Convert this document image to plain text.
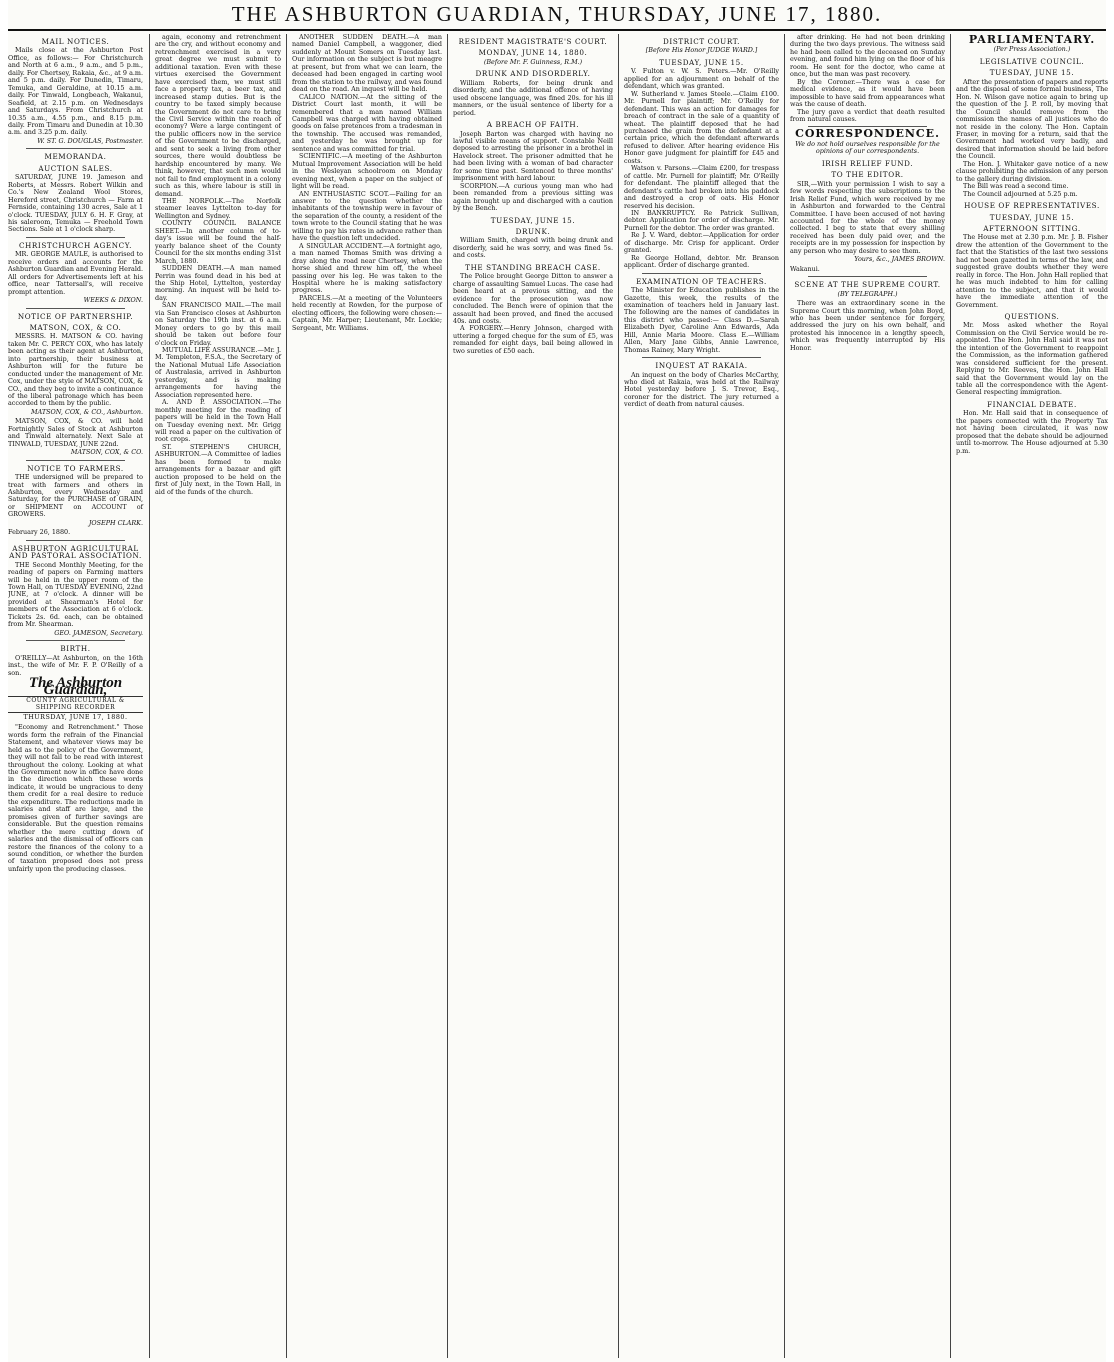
THE ASHBURTON GUARDIAN, THURSDAY, JUNE 17, 1880.
MAIL NOTICES.
Mails close at the Ashburton Post Office, as follows:— For Christchurch and North at 6 a.m., 9 a.m., and 5 p.m., daily. For Chertsey, Rakaia, &c., at 9 a.m. and 5 p.m. daily. For Dunedin, Timaru, Temuka, and Geraldine, at 10.15 a.m. daily. For Tinwald, Longbeach, Wakanui, Seafield, at 2.15 p.m. on Wednesdays and Saturdays. From Christchurch at 10.35 a.m., 4.55 p.m., and 8.15 p.m. daily. From Timaru and Dunedin at 10.30 a.m. and 3.25 p.m. daily.
W. ST. G. DOUGLAS, Postmaster.
MEMORANDA.
AUCTION SALES.
SATURDAY, JUNE 19. Jameson and Roberts, at Messrs. Robert Wilkin and Co.'s New Zealand Wool Stores, Hereford street, Christchurch — Farm at Fernside, containing 130 acres, Sale at 1 o'clock. TUESDAY, JULY 6. H. F. Gray, at his saleroom, Temuka — Freehold Town Sections. Sale at 1 o'clock sharp.
CHRISTCHURCH AGENCY.
MR. GEORGE MAULE, is authorised to receive orders and accounts for the Ashburton Guardian and Evening Herald. All orders for Advertisements left at his office, near Tattersall's, will receive prompt attention.
WEEKS & DIXON.
NOTICE OF PARTNERSHIP.
MATSON, COX, & CO.
MESSRS. H. MATSON & CO. having taken Mr. C. PERCY COX, who has lately been acting as their agent at Ashburton, into partnership, their business at Ashburton will for the future be conducted under the management of Mr. Cox, under the style of MATSON, COX, & CO., and they beg to invite a continuance of the liberal patronage which has been accorded to them by the public.
MATSON, COX, & CO., Ashburton.
MATSON, COX, & CO. will hold Fortnightly Sales of Stock at Ashburton and Tinwald alternately. Next Sale at TINWALD, TUESDAY, JUNE 22nd.
MATSON, COX, & CO.
NOTICE TO FARMERS.
THE undersigned will be prepared to treat with farmers and others in Ashburton, every Wednesday and Saturday, for the PURCHASE of GRAIN, or SHIPMENT on ACCOUNT of GROWERS.
JOSEPH CLARK.
February 26, 1880.
ASHBURTON AGRICULTURAL AND PASTORAL ASSOCIATION.
THE Second Monthly Meeting, for the reading of papers on Farming matters will be held in the upper room of the Town Hall, on TUESDAY EVENING, 22nd JUNE, at 7 o'clock. A dinner will be provided at Shearman's Hotel for members of the Association at 6 o'clock. Tickets 2s. 6d. each, can be obtained from Mr. Shearman.
GEO. JAMESON, Secretary.
BIRTH.
O'REILLY—At Ashburton, on the 16th inst., the wife of Mr. F. P. O'Reilly of a son.
The Ashburton Guardian,
COUNTY AGRICULTURAL & SHIPPING RECORDER
THURSDAY, JUNE 17, 1880.
"Economy and Retrenchment." Those words form the refrain of the Financial Statement, and whatever views may be held as to the policy of the Government, they will not fail to be read with interest throughout the colony. Looking at what the Government now in office have done in the direction which these words indicate, it would be ungracious to deny them credit for a real desire to reduce the expenditure. The reductions made in salaries and staff are large, and the promises given of further savings are considerable. But the question remains whether the mere cutting down of salaries and the dismissal of officers can restore the finances of the colony to a sound condition, or whether the burden of taxation proposed does not press unfairly upon the producing classes.
again, economy and retrenchment are the cry, and without economy and retrenchment exercised in a very great degree we must submit to additional taxation. Even with these virtues exercised the Government have exercised them, we must still face a property tax, a beer tax, and increased stamp duties. But is the country to be taxed simply because the Government do not care to bring the Civil Service within the reach of economy? Were a large contingent of the public officers now in the service of the Government to be discharged, and sent to seek a living from other sources, there would doubtless be hardship encountered by many. We think, however, that such men would not fail to find employment in a colony such as this, where labour is still in demand.
THE NORFOLK.—The Norfolk steamer leaves Lyttelton to-day for Wellington and Sydney.
COUNTY COUNCIL BALANCE SHEET.—In another column of to-day's issue will be found the half-yearly balance sheet of the County Council for the six months ending 31st March, 1880.
SUDDEN DEATH.—A man named Perrin was found dead in his bed at the Ship Hotel, Lyttelton, yesterday morning. An inquest will be held to-day.
SAN FRANCISCO MAIL.—The mail via San Francisco closes at Ashburton on Saturday the 19th inst. at 6 a.m. Money orders to go by this mail should be taken out before four o'clock on Friday.
MUTUAL LIFE ASSURANCE.—Mr. J. M. Templeton, F.S.A., the Secretary of the National Mutual Life Association of Australasia, arrived in Ashburton yesterday, and is making arrangements for having the Association represented here.
A. AND P. ASSOCIATION.—The monthly meeting for the reading of papers will be held in the Town Hall on Tuesday evening next. Mr. Grigg will read a paper on the cultivation of root crops.
ST. STEPHEN'S CHURCH, ASHBURTON.—A Committee of ladies has been formed to make arrangements for a bazaar and gift auction proposed to be held on the first of July next, in the Town Hall, in aid of the funds of the church.
ANOTHER SUDDEN DEATH.—A man named Daniel Campbell, a waggoner, died suddenly at Mount Somers on Tuesday last. Our information on the subject is but meagre at present, but from what we can learn, the deceased had been engaged in carting wool from the station to the railway, and was found dead on the road. An inquest will be held.
CALICO NATION.—At the sitting of the District Court last month, it will be remembered that a man named William Campbell was charged with having obtained goods on false pretences from a tradesman in the township. The accused was remanded, and yesterday he was brought up for sentence and was committed for trial.
SCIENTIFIC.—A meeting of the Ashburton Mutual Improvement Association will be held in the Wesleyan schoolroom on Monday evening next, when a paper on the subject of light will be read.
AN ENTHUSIASTIC SCOT.—Failing for an answer to the question whether the inhabitants of the township were in favour of the separation of the county, a resident of the town wrote to the Council stating that he was willing to pay his rates in advance rather than have the question left undecided.
A SINGULAR ACCIDENT.—A fortnight ago, a man named Thomas Smith was driving a dray along the road near Chertsey, when the horse shied and threw him off, the wheel passing over his leg. He was taken to the Hospital where he is making satisfactory progress.
PARCELS.—At a meeting of the Volunteers held recently at Rowden, for the purpose of electing officers, the following were chosen:— Captain, Mr. Harper; Lieutenant, Mr. Lockie; Sergeant, Mr. Williams.
RESIDENT MAGISTRATE'S COURT.
MONDAY, JUNE 14, 1880.
(Before Mr. F. Guinness, R.M.)
DRUNK AND DISORDERLY.
William Roberts, for being drunk and disorderly, and the additional offence of having used obscene language, was fined 20s. for his ill manners, or the usual sentence of liberty for a period.
A BREACH OF FAITH.
Joseph Barton was charged with having no lawful visible means of support. Constable Neill deposed to arresting the prisoner in a brothel in Havelock street. The prisoner admitted that he had been living with a woman of bad character for some time past. Sentenced to three months' imprisonment with hard labour.
SCORPION.—A curious young man who had been remanded from a previous sitting was again brought up and discharged with a caution by the Bench.
TUESDAY, JUNE 15.
DRUNK.
William Smith, charged with being drunk and disorderly, said he was sorry, and was fined 5s. and costs.
THE STANDING BREACH CASE.
The Police brought George Ditton to answer a charge of assaulting Samuel Lucas. The case had been heard at a previous sitting, and the evidence for the prosecution was now concluded. The Bench were of opinion that the assault had been proved, and fined the accused 40s. and costs.
A FORGERY.—Henry Johnson, charged with uttering a forged cheque for the sum of £5, was remanded for eight days, bail being allowed in two sureties of £50 each.
DISTRICT COURT.
[Before His Honor JUDGE WARD.]
TUESDAY, JUNE 15.
V. Fulton v. W. S. Peters.—Mr. O'Reilly applied for an adjournment on behalf of the defendant, which was granted.
W. Sutherland v. James Steele.—Claim £100. Mr. Purnell for plaintiff; Mr. O'Reilly for defendant. This was an action for damages for breach of contract in the sale of a quantity of wheat. The plaintiff deposed that he had purchased the grain from the defendant at a certain price, which the defendant afterwards refused to deliver. After hearing evidence His Honor gave judgment for plaintiff for £45 and costs.
Watson v. Parsons.—Claim £200, for trespass of cattle. Mr. Purnell for plaintiff; Mr. O'Reilly for defendant. The plaintiff alleged that the defendant's cattle had broken into his paddock and destroyed a crop of oats. His Honor reserved his decision.
IN BANKRUPTCY. Re Patrick Sullivan, debtor. Application for order of discharge. Mr. Purnell for the debtor. The order was granted.
Re J. V. Ward, debtor.—Application for order of discharge. Mr. Crisp for applicant. Order granted.
Re George Holland, debtor. Mr. Branson applicant. Order of discharge granted.
EXAMINATION OF TEACHERS.
The Minister for Education publishes in the Gazette, this week, the results of the examination of teachers held in January last. The following are the names of candidates in this district who passed:— Class D.—Sarah Elizabeth Dyer, Caroline Ann Edwards, Ada Hill, Annie Maria Moore. Class E.—William Allen, Mary Jane Gibbs, Annie Lawrence, Thomas Rainey, Mary Wright.
INQUEST AT RAKAIA.
An inquest on the body of Charles McCarthy, who died at Rakaia, was held at the Railway Hotel yesterday before J. S. Trevor, Esq., coroner for the district. The jury returned a verdict of death from natural causes.
after drinking. He had not been drinking during the two days previous. The witness said he had been called to the deceased on Sunday evening, and found him lying on the floor of his room. He sent for the doctor, who came at once, but the man was past recovery.
By the Coroner.—There was a case for medical evidence, as it would have been impossible to have said from appearances what was the cause of death.
The jury gave a verdict that death resulted from natural causes.
CORRESPONDENCE.
We do not hold ourselves responsible for the opinions of our correspondents.
IRISH RELIEF FUND.
TO THE EDITOR.
SIR,—With your permission I wish to say a few words respecting the subscriptions to the Irish Relief Fund, which were received by me in Ashburton and forwarded to the Central Committee. I have been accused of not having accounted for the whole of the money collected. I beg to state that every shilling received has been duly paid over, and the receipts are in my possession for inspection by any person who may desire to see them.
Yours, &c., JAMES BROWN.
Wakanui.
SCENE AT THE SUPREME COURT.
(BY TELEGRAPH.)
There was an extraordinary scene in the Supreme Court this morning, when John Boyd, who has been under sentence for forgery, addressed the jury on his own behalf, and protested his innocence in a lengthy speech, which was frequently interrupted by His Honor.
PARLIAMENTARY.
(Per Press Association.)
LEGISLATIVE COUNCIL.
TUESDAY, JUNE 15.
After the presentation of papers and reports and the disposal of some formal business, The Hon. N. Wilson gave notice again to bring up the question of the J. P. roll, by moving that the Council should remove from the commission the names of all justices who do not reside in the colony. The Hon. Captain Fraser, in moving for a return, said that the Government had worked very badly, and desired that information should be laid before the Council.
The Hon. J. Whitaker gave notice of a new clause prohibiting the admission of any person to the gallery during division.
The Bill was read a second time.
The Council adjourned at 5.25 p.m.
HOUSE OF REPRESENTATIVES.
TUESDAY, JUNE 15.
AFTERNOON SITTING.
The House met at 2.30 p.m. Mr. J. B. Fisher drew the attention of the Government to the fact that the Statistics of the last two sessions had not been gazetted in terms of the law, and suggested grave doubts whether they were really in force. The Hon. John Hall replied that he was much indebted to him for calling attention to the subject, and that it would have the immediate attention of the Government.
QUESTIONS.
Mr. Moss asked whether the Royal Commission on the Civil Service would be re-appointed. The Hon. John Hall said it was not the intention of the Government to reappoint the Commission, as the information gathered was considered sufficient for the present. Replying to Mr. Reeves, the Hon. John Hall said that the Government would lay on the table all the correspondence with the Agent-General respecting immigration.
FINANCIAL DEBATE.
Hon. Mr. Hall said that in consequence of the papers connected with the Property Tax not having been circulated, it was now proposed that the debate should be adjourned until to-morrow. The House adjourned at 5.30 p.m.
